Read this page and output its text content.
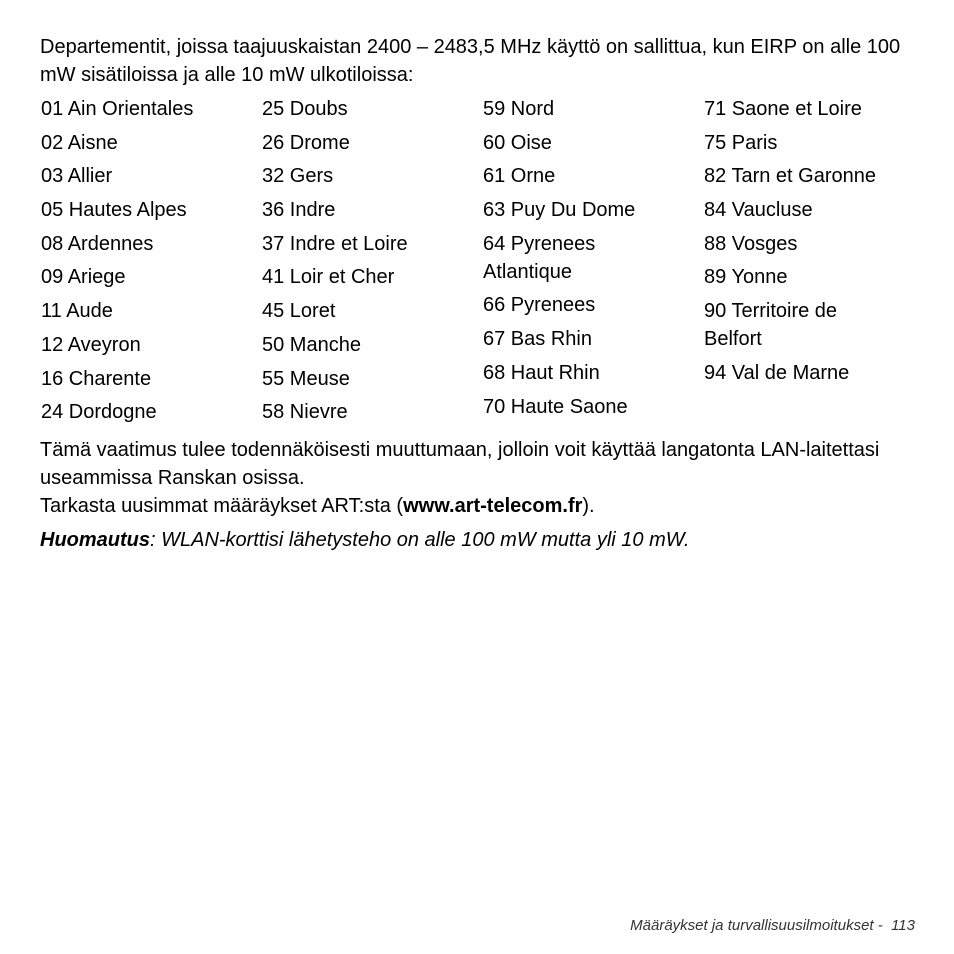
Departementit, joissa taajuuskaistan 2400 – 2483,5 MHz käyttö on sallittua, kun EIRP on alle 100 mW sisätiloissa ja alle 10 mW ulkotiloissa:

01 Ain Orientales
02 Aisne
03 Allier
05 Hautes Alpes
08 Ardennes
09 Ariege
11 Aude
12 Aveyron
16 Charente
24 Dordogne
25 Doubs
26 Drome
32 Gers
36 Indre
37 Indre et Loire
41 Loir et Cher
45 Loret
50 Manche
55 Meuse
58 Nievre
59 Nord
60 Oise
61 Orne
63 Puy Du Dome
64 Pyrenees Atlantique
66 Pyrenees
67 Bas Rhin
68 Haut Rhin
70 Haute Saone
71 Saone et Loire
75 Paris
82 Tarn et Garonne
84 Vaucluse
88 Vosges
89 Yonne
90 Territoire de Belfort
94 Val de Marne

Tämä vaatimus tulee todennäköisesti muuttumaan, jolloin voit käyttää langatonta LAN-laitettasi useammissa Ranskan osissa.

Tarkasta uusimmat määräykset ART:sta (www.art-telecom.fr).

Huomautus: WLAN-korttisi lähetysteho on alle 100 mW mutta yli 10 mW.

Määräykset ja turvallisuusilmoitukset -  113
